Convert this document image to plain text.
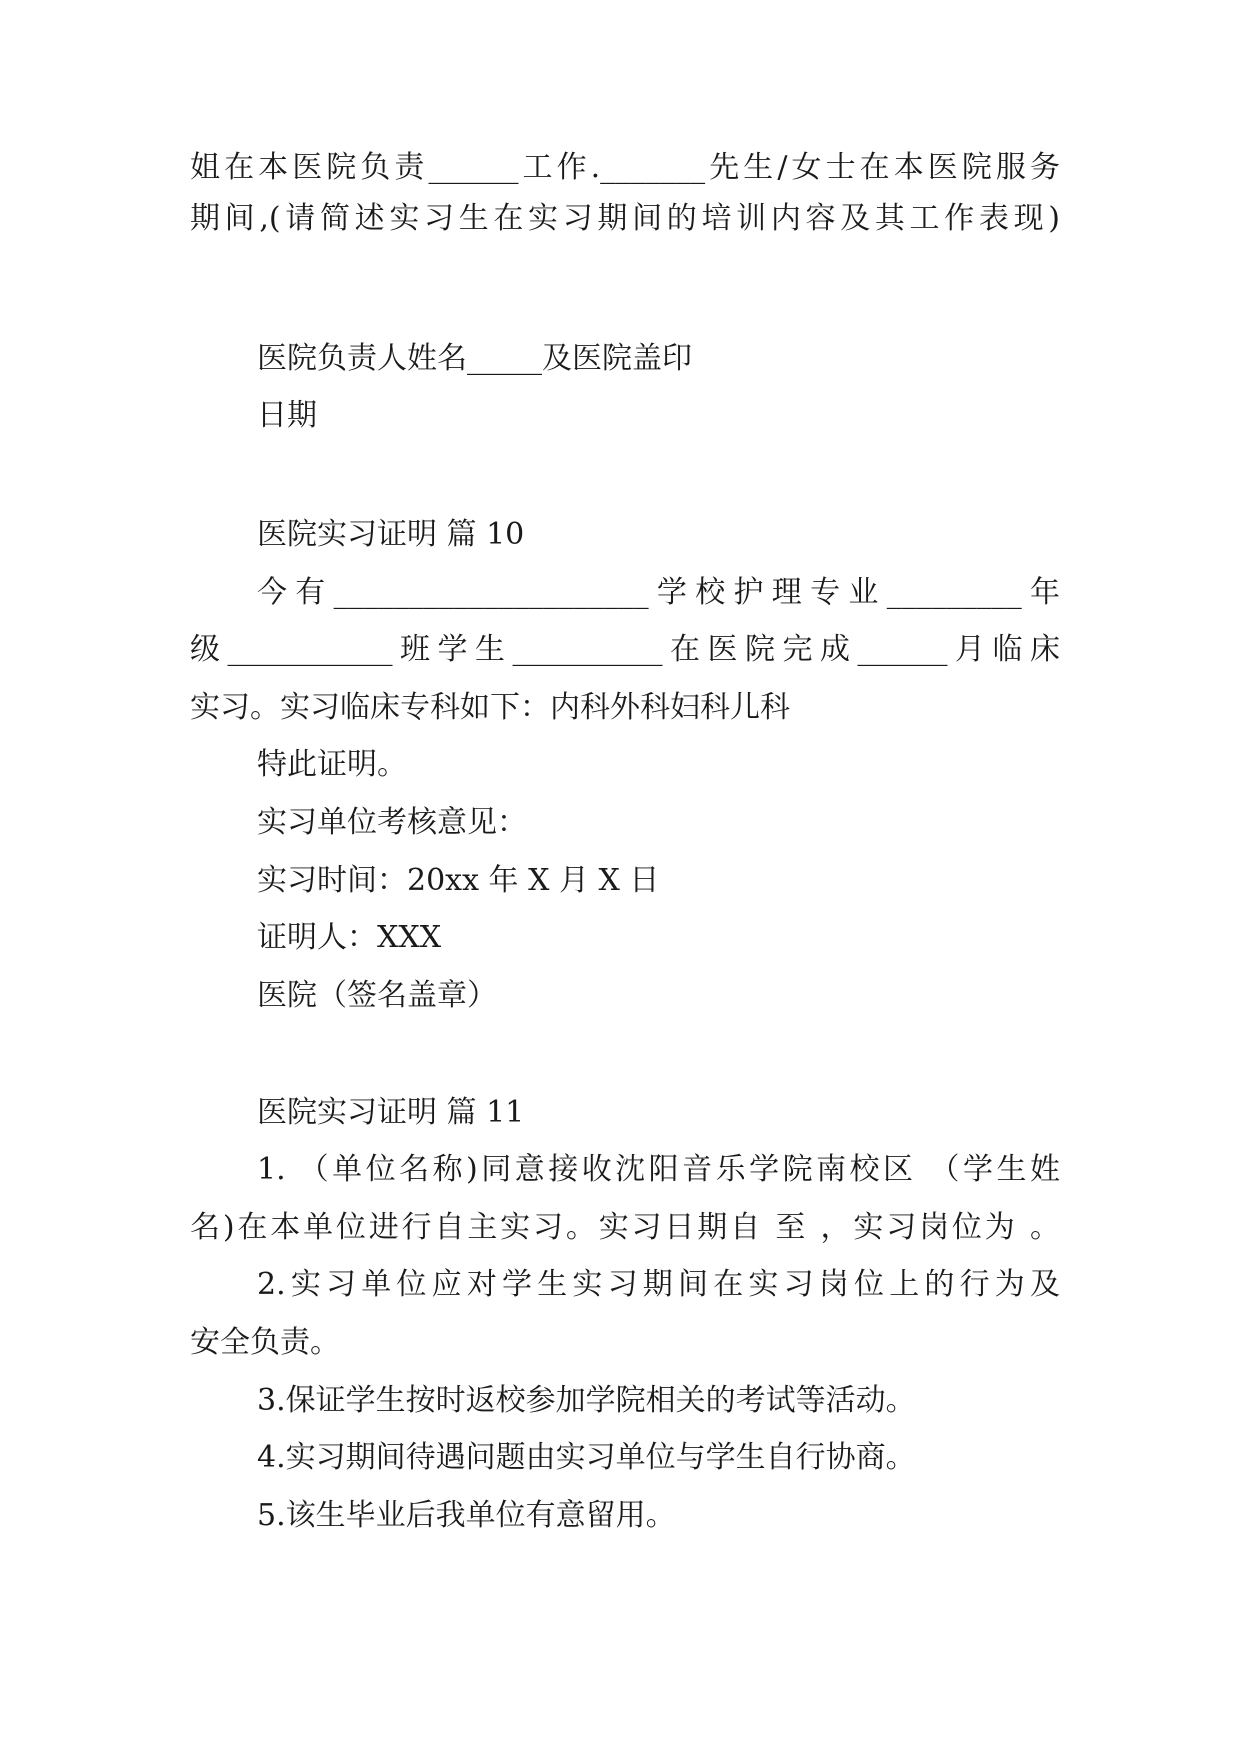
姐在本医院负责______工作._______先生/女士在本医院服务

期间,(请简述实习生在实习期间的培训内容及其工作表现)

医院负责人姓名_____及医院盖印

日期

医院实习证明 篇 10

今有_____________________学校护理专业_________年

级___________班学生__________在医院完成______月临床

实习。实习临床专科如下：内科外科妇科儿科

特此证明。

实习单位考核意见：

实习时间：20xx 年 X 月 X 日

证明人：XXX

医院（签名盖章）

医院实习证明 篇 11

1. （单位名称)同意接收沈阳音乐学院南校区 （学生姓

名)在本单位进行自主实习。实习日期自 至 ，实习岗位为 。

2.实习单位应对学生实习期间在实习岗位上的行为及

安全负责。

3.保证学生按时返校参加学院相关的考试等活动。

4.实习期间待遇问题由实习单位与学生自行协商。

5.该生毕业后我单位有意留用。
